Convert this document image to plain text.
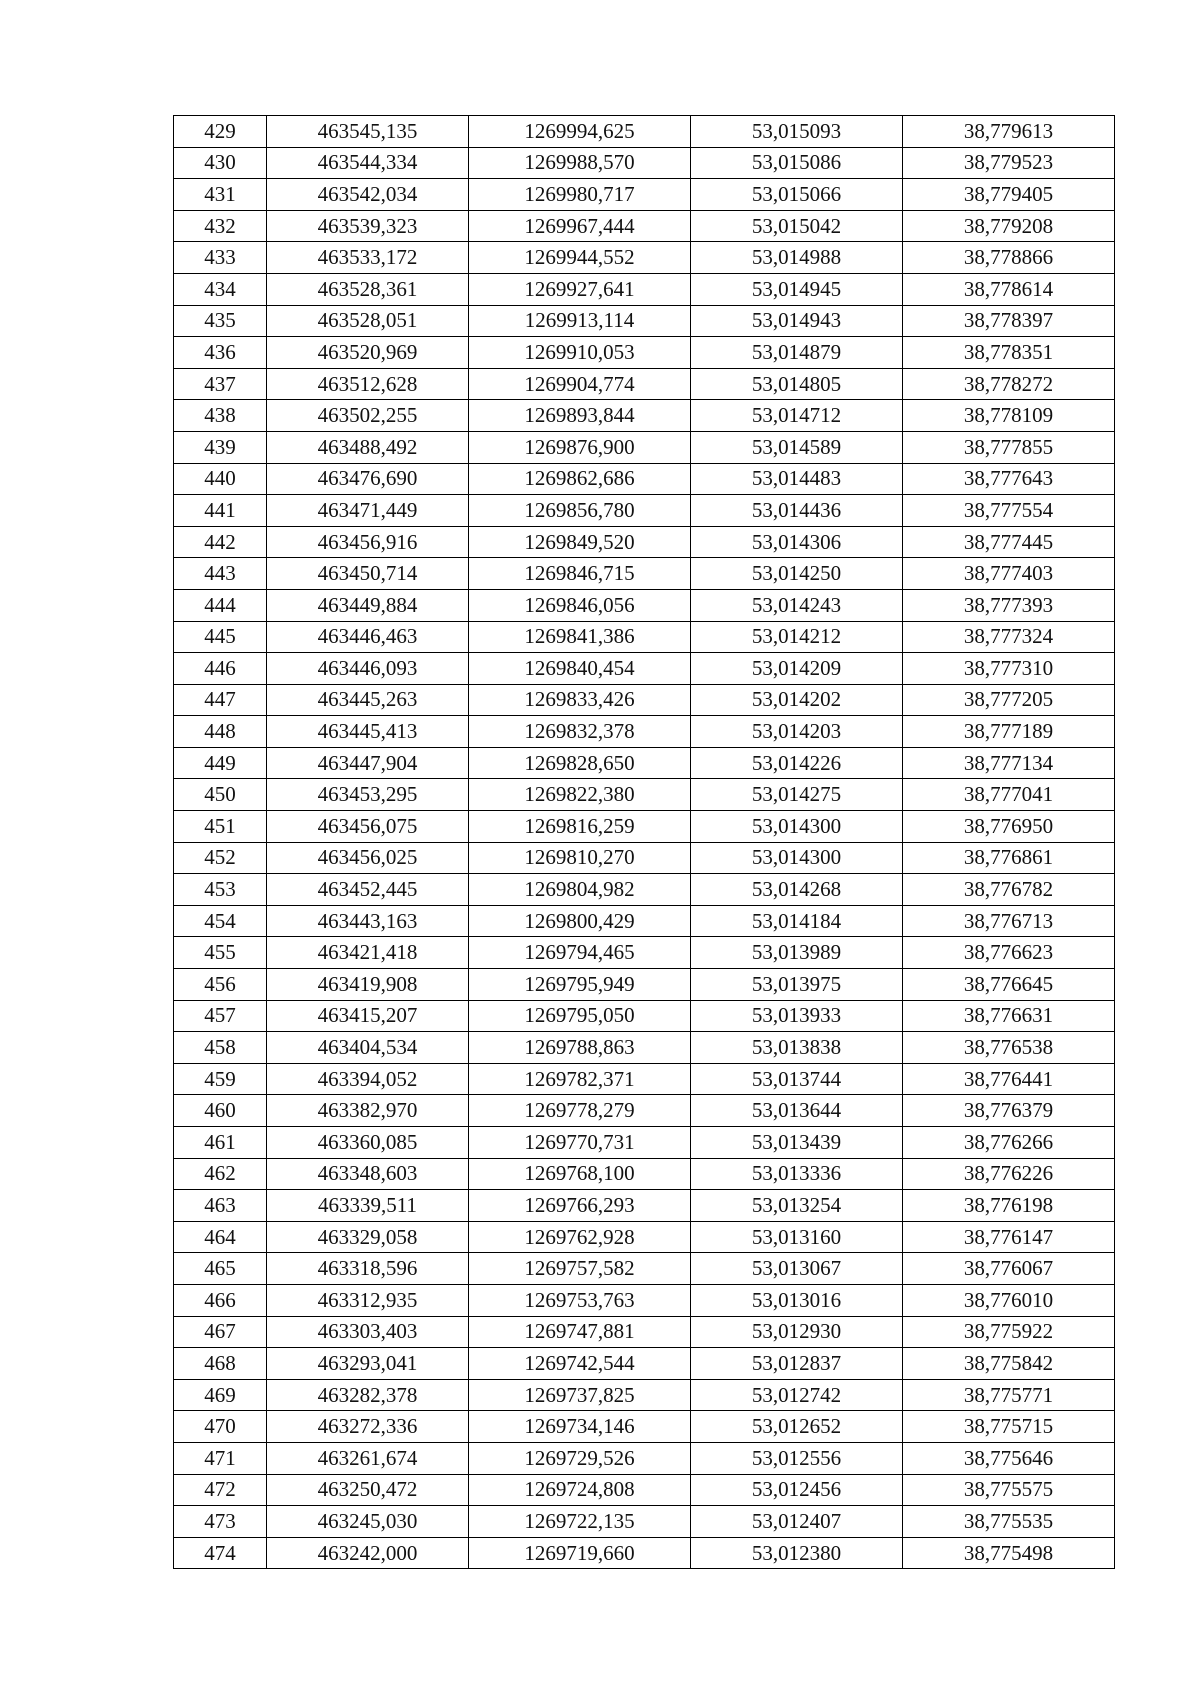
429	463545,135	1269994,625	53,015093	38,779613
430	463544,334	1269988,570	53,015086	38,779523
431	463542,034	1269980,717	53,015066	38,779405
432	463539,323	1269967,444	53,015042	38,779208
433	463533,172	1269944,552	53,014988	38,778866
434	463528,361	1269927,641	53,014945	38,778614
435	463528,051	1269913,114	53,014943	38,778397
436	463520,969	1269910,053	53,014879	38,778351
437	463512,628	1269904,774	53,014805	38,778272
438	463502,255	1269893,844	53,014712	38,778109
439	463488,492	1269876,900	53,014589	38,777855
440	463476,690	1269862,686	53,014483	38,777643
441	463471,449	1269856,780	53,014436	38,777554
442	463456,916	1269849,520	53,014306	38,777445
443	463450,714	1269846,715	53,014250	38,777403
444	463449,884	1269846,056	53,014243	38,777393
445	463446,463	1269841,386	53,014212	38,777324
446	463446,093	1269840,454	53,014209	38,777310
447	463445,263	1269833,426	53,014202	38,777205
448	463445,413	1269832,378	53,014203	38,777189
449	463447,904	1269828,650	53,014226	38,777134
450	463453,295	1269822,380	53,014275	38,777041
451	463456,075	1269816,259	53,014300	38,776950
452	463456,025	1269810,270	53,014300	38,776861
453	463452,445	1269804,982	53,014268	38,776782
454	463443,163	1269800,429	53,014184	38,776713
455	463421,418	1269794,465	53,013989	38,776623
456	463419,908	1269795,949	53,013975	38,776645
457	463415,207	1269795,050	53,013933	38,776631
458	463404,534	1269788,863	53,013838	38,776538
459	463394,052	1269782,371	53,013744	38,776441
460	463382,970	1269778,279	53,013644	38,776379
461	463360,085	1269770,731	53,013439	38,776266
462	463348,603	1269768,100	53,013336	38,776226
463	463339,511	1269766,293	53,013254	38,776198
464	463329,058	1269762,928	53,013160	38,776147
465	463318,596	1269757,582	53,013067	38,776067
466	463312,935	1269753,763	53,013016	38,776010
467	463303,403	1269747,881	53,012930	38,775922
468	463293,041	1269742,544	53,012837	38,775842
469	463282,378	1269737,825	53,012742	38,775771
470	463272,336	1269734,146	53,012652	38,775715
471	463261,674	1269729,526	53,012556	38,775646
472	463250,472	1269724,808	53,012456	38,775575
473	463245,030	1269722,135	53,012407	38,775535
474	463242,000	1269719,660	53,012380	38,775498
